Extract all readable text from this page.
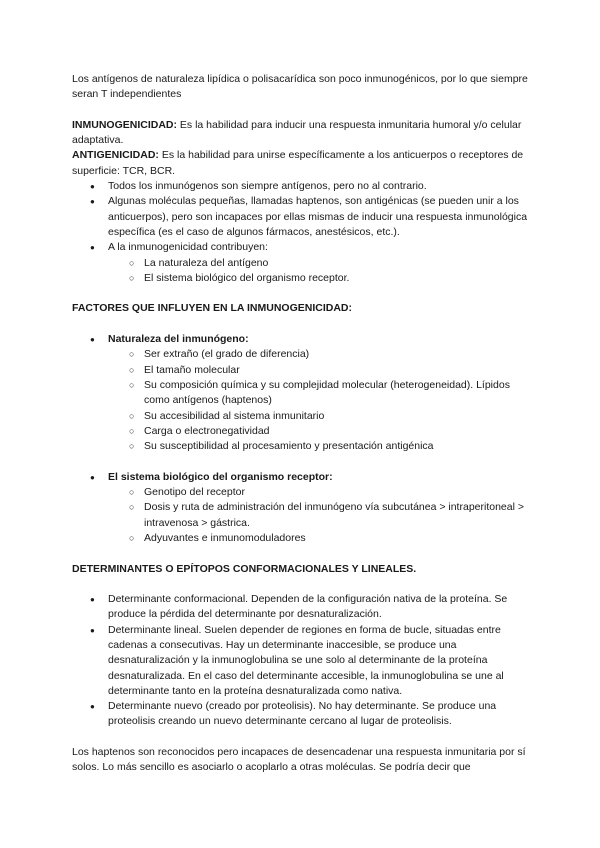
Los antígenos de naturaleza lipídica o polisacarídica son poco inmunogénicos, por lo que siempre seran T independientes

INMUNOGENICIDAD: Es la habilidad para inducir una respuesta inmunitaria humoral y/o celular adaptativa.

ANTIGENICIDAD: Es la habilidad para unirse específicamente a los anticuerpos o receptores de superficie: TCR, BCR.

● Todos los inmunógenos son siempre antígenos, pero no al contrario.
● Algunas moléculas pequeñas, llamadas haptenos, son antigénicas (se pueden unir a los anticuerpos), pero son incapaces por ellas mismas de inducir una respuesta inmunológica específica (es el caso de algunos fármacos, anestésicos, etc.).
● A la inmunogenicidad contribuyen:
○ La naturaleza del antígeno
○ El sistema biológico del organismo receptor.

FACTORES QUE INFLUYEN EN LA INMUNOGENICIDAD:

● Naturaleza del inmunógeno:
○ Ser extraño (el grado de diferencia)
○ El tamaño molecular
○ Su composición química y su complejidad molecular (heterogeneidad). Lípidos como antígenos (haptenos)
○ Su accesibilidad al sistema inmunitario
○ Carga o electronegatividad
○ Su susceptibilidad al procesamiento y presentación antigénica
● El sistema biológico del organismo receptor:
○ Genotipo del receptor
○ Dosis y ruta de administración del inmunógeno vía subcutánea > intraperitoneal > intravenosa > gástrica.
○ Adyuvantes e inmunomoduladores

DETERMINANTES O EPÍTOPOS CONFORMACIONALES Y LINEALES.

● Determinante conformacional. Dependen de la configuración nativa de la proteína. Se produce la pérdida del determinante por desnaturalización.
● Determinante lineal. Suelen depender de regiones en forma de bucle, situadas entre cadenas a consecutivas. Hay un determinante inaccesible, se produce una desnaturalización y la inmunoglobulina se une solo al determinante de la proteína desnaturalizada. En el caso del determinante accesible, la inmunoglobulina se une al determinante tanto en la proteína desnaturalizada como nativa.
● Determinante nuevo (creado por proteolisis). No hay determinante. Se produce una proteolisis creando un nuevo determinante cercano al lugar de proteolisis.

Los haptenos son reconocidos pero incapaces de desencadenar una respuesta inmunitaria por sí solos. Lo más sencillo es asociarlo o acoplarlo a otras moléculas. Se podría decir que
